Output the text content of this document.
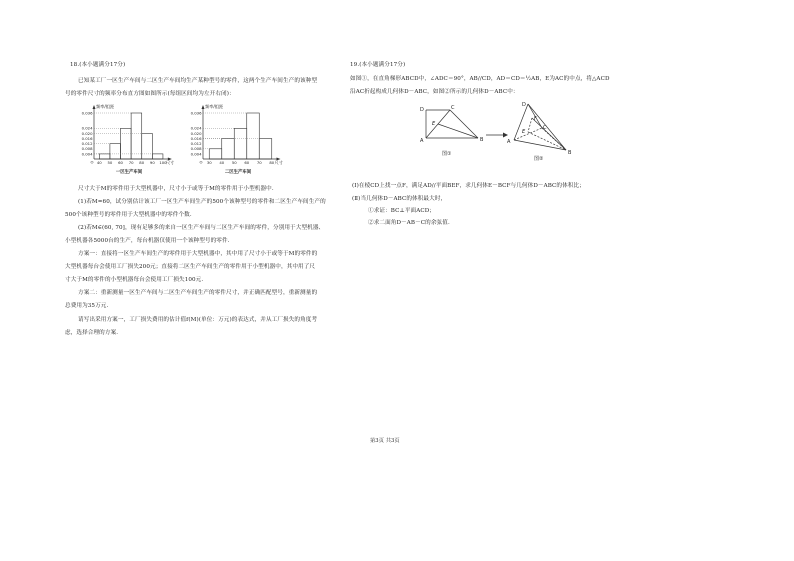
18.(本小题满分17分)
已知某工厂一区生产车间与二区生产车间均生产某种型号的零件，这两个生产车间生产的该种型
号的零件尺寸的频率分布直方图如图所示(每组区间均为左开右闭)：
频率/组距
0.036
0.024
0.020
0.016
0.012
0.008
0.004
40 50 60 70 80 90 100
O	尺寸
一区生产车间
频率/组距
0.036
0.024
0.020
0.016
0.012
0.008
0.004
30 40 50 60 70 80
O	尺寸
二区生产车间
尺寸大于M的零件用于大型机器中，尺寸小于或等于M的零件用于小型机器中.
(1)若M=60，试分别估计该工厂一区生产车间生产的500个该种型号的零件和二区生产车间生产的
500个该种型号的零件用于大型机器中的零件个数.
(2)若M∈(60, 70]，现有足够多的来自一区生产车间与二区生产车间的零件，分别用于大型机器、
小型机器各5000台的生产，每台机器仅使用一个该种型号的零件.
方案一：直接将一区生产车间生产的零件用于大型机器中，其中用了尺寸小于或等于M的零件的
大型机器每台会使用工厂损失200元；直接将二区生产车间生产的零件用于小型机器中，其中用了尺
寸大于M的零件的小型机器每台会使用工厂损失100元.
方案二：重新测量一区生产车间与二区生产车间生产的零件尺寸，并正确匹配型号，重新测量的
总费用为35万元.
请写出采用方案一，工厂损失费用的估计值f(M)(单位：万元)的表达式，并从工厂损失的角度考
虑，选择合理的方案.
19.(本小题满分17分)
如图①，在直角梯形ABCD中，∠ADC＝90°，AB//CD，AD＝CD＝½AB，E为AC的中点，将△ACD
沿AC折起构成几何体D－ABC，如图②所示的几何体D－ABC中：
D	C
E
A	B
图①
D
F
E
C
A
B
图②
(Ⅰ)在棱CD上找一点F，满足AD//平面BEF，求几何体E－BCF与几何体D－ABC的体积比；
(Ⅱ)当几何体D－ABC的体积最大时，
①求证：BC⊥平面ACD；
②求二面角D－AB－C的余弦值.
第3页 共3页
